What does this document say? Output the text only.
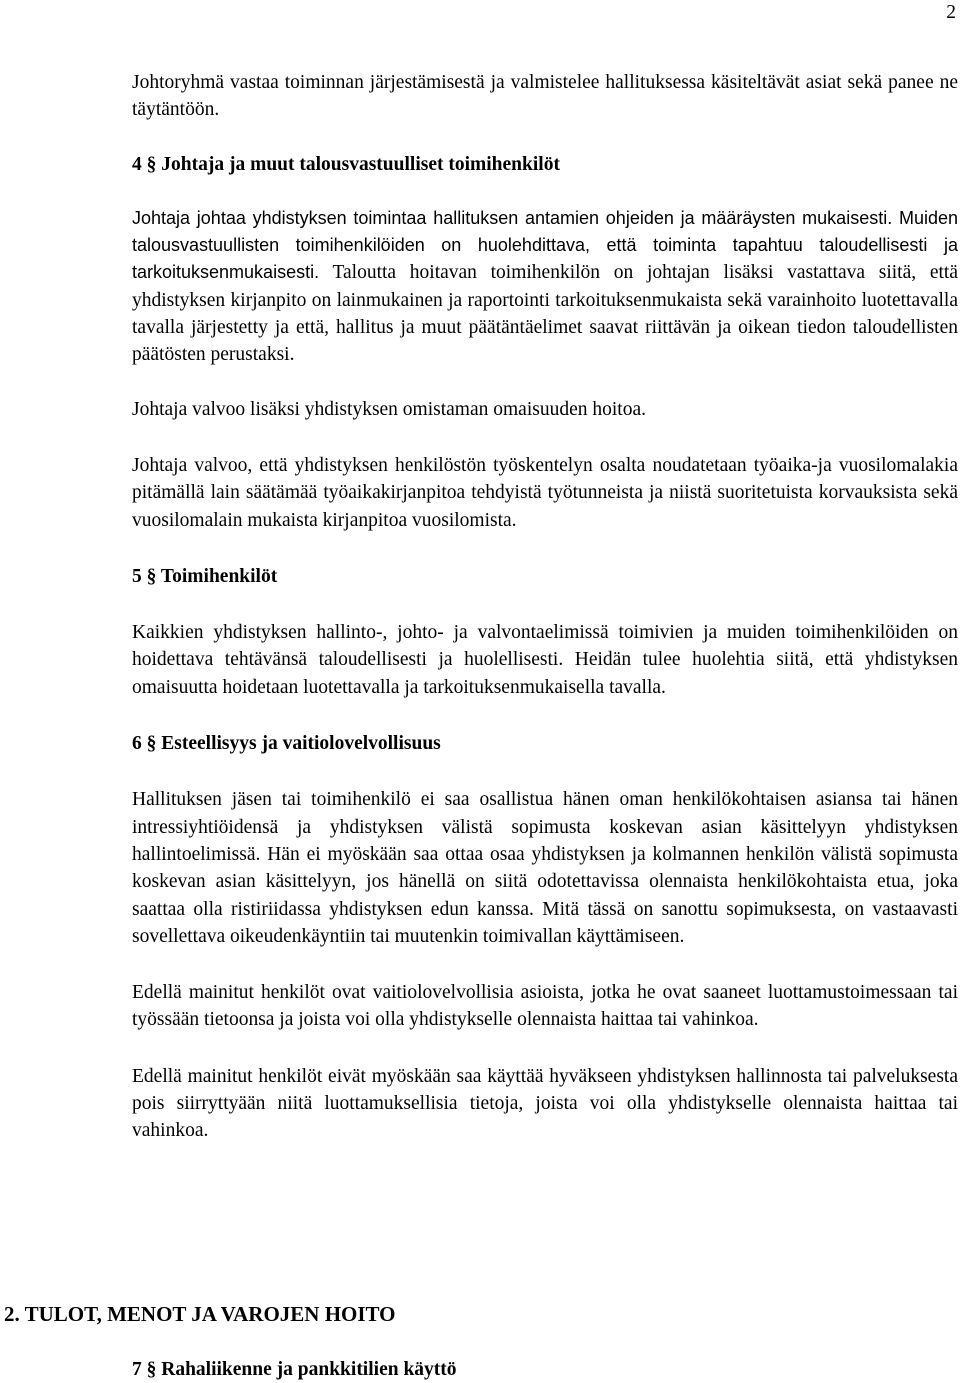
2

Johtoryhmä vastaa toiminnan järjestämisestä ja valmistelee hallituksessa käsiteltävät asiat sekä panee ne täytäntöön.

4 § Johtaja ja muut talousvastuulliset toimihenkilöt

Johtaja johtaa yhdistyksen toimintaa hallituksen antamien ohjeiden ja määräysten mukaisesti. Muiden talousvastuullisten toimihenkilöiden on huolehdittava, että toiminta tapahtuu taloudellisesti ja tarkoituksenmukaisesti. Taloutta hoitavan toimihenkilön on johtajan lisäksi vastattava siitä, että yhdistyksen kirjanpito on lainmukainen ja raportointi tarkoituksenmukaista sekä varainhoito luotettavalla tavalla järjestetty ja että, hallitus ja muut päätäntäelimet saavat riittävän ja oikean tiedon taloudellisten päätösten perustaksi.

Johtaja valvoo lisäksi yhdistyksen omistaman omaisuuden hoitoa.

Johtaja valvoo, että yhdistyksen henkilöstön työskentelyn osalta noudatetaan työaika-ja vuosilomalakia pitämällä lain säätämää työaikakirjanpitoa tehdyistä työtunneista ja niistä suoritetuista korvauksista sekä vuosilomalain mukaista kirjanpitoa vuosilomista.

5 § Toimihenkilöt

Kaikkien yhdistyksen hallinto-, johto- ja valvontaelimissä toimivien ja muiden toimihenkilöiden on hoidettava tehtävänsä taloudellisesti ja huolellisesti. Heidän tulee huolehtia siitä, että yhdistyksen omaisuutta hoidetaan luotettavalla ja tarkoituksenmukaisella tavalla.

6 § Esteellisyys ja vaitiolovelvollisuus

Hallituksen jäsen tai toimihenkilö ei saa osallistua hänen oman henkilökohtaisen asiansa tai hänen intressiyhtiöidensä ja yhdistyksen välistä sopimusta koskevan asian käsittelyyn yhdistyksen hallintoelimissä. Hän ei myöskään saa ottaa osaa yhdistyksen ja kolmannen henkilön välistä sopimusta koskevan asian käsittelyyn, jos hänellä on siitä odotettavissa olennaista henkilökohtaista etua, joka saattaa olla ristiriidassa yhdistyksen edun kanssa. Mitä tässä on sanottu sopimuksesta, on vastaavasti sovellettava oikeudenkäyntiin tai muutenkin toimivallan käyttämiseen.

Edellä mainitut henkilöt ovat vaitiolovelvollisia asioista, jotka he ovat saaneet luottamustoimessaan tai työssään tietoonsa ja joista voi olla yhdistykselle olennaista haittaa tai vahinkoa.

Edellä mainitut henkilöt eivät myöskään saa käyttää hyväkseen yhdistyksen hallinnosta tai palveluksesta pois siirryttyään niitä luottamuksellisia tietoja, joista voi olla yhdistykselle olennaista haittaa tai vahinkoa.

2. TULOT, MENOT JA VAROJEN HOITO
7 § Rahaliikenne ja pankkitilien käyttö
